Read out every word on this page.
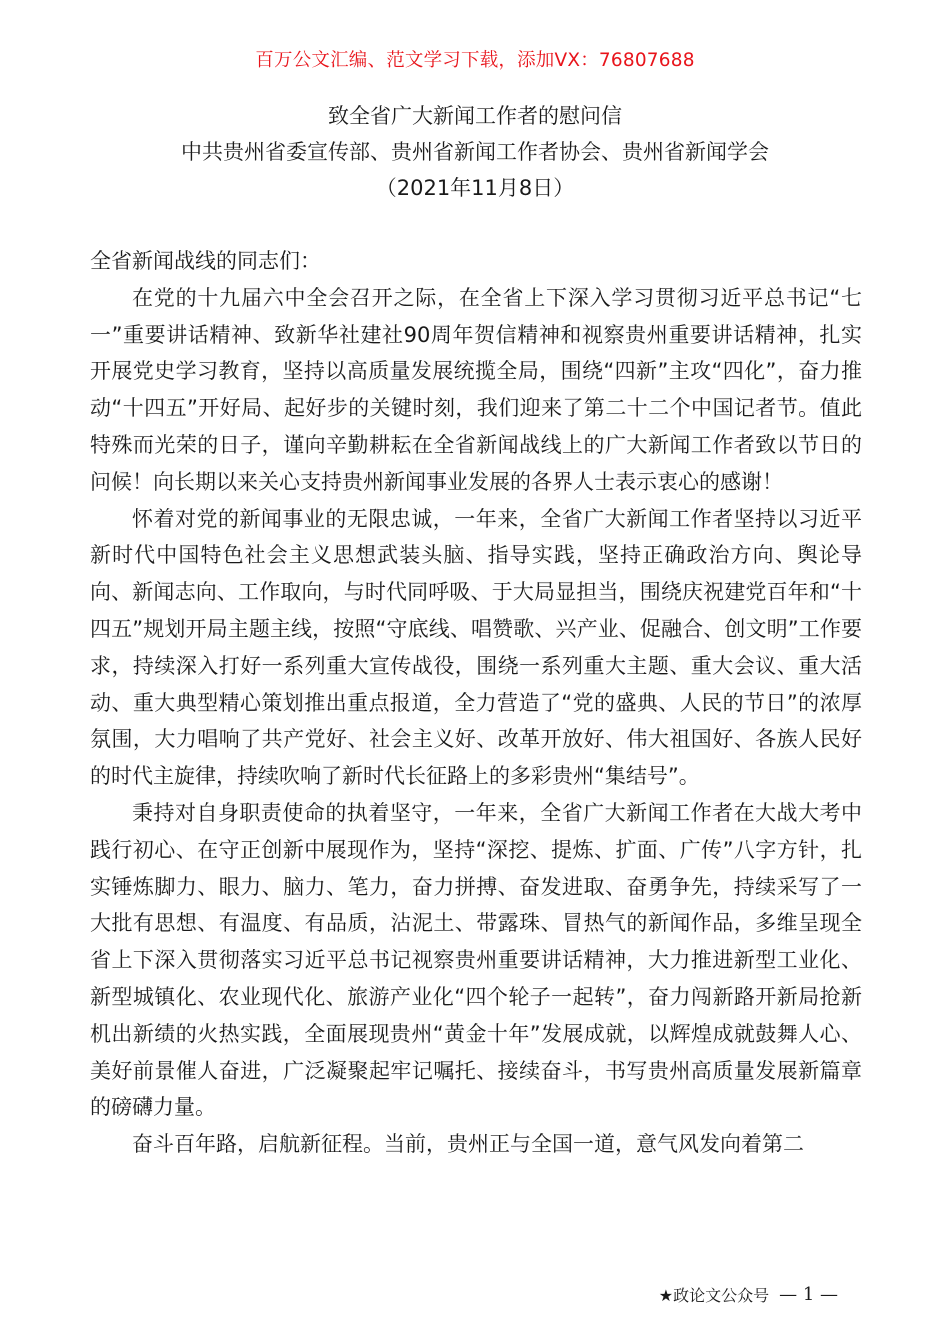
百万公文汇编、范文学习下载，添加VX：76807688
致全省广大新闻工作者的慰问信
中共贵州省委宣传部、贵州省新闻工作者协会、贵州省新闻学会
（2021年11月8日）

全省新闻战线的同志们：

在党的十九届六中全会召开之际，在全省上下深入学习贯彻习近平总书记“七一”重要讲话精神、致新华社建社90周年贺信精神和视察贵州重要讲话精神，扎实开展党史学习教育，坚持以高质量发展统揽全局，围绕“四新”主攻“四化”，奋力推动“十四五”开好局、起好步的关键时刻，我们迎来了第二十二个中国记者节。值此特殊而光荣的日子，谨向辛勤耕耘在全省新闻战线上的广大新闻工作者致以节日的问候！向长期以来关心支持贵州新闻事业发展的各界人士表示衷心的感谢！

怀着对党的新闻事业的无限忠诚，一年来，全省广大新闻工作者坚持以习近平新时代中国特色社会主义思想武装头脑、指导实践，坚持正确政治方向、舆论导向、新闻志向、工作取向，与时代同呼吸、于大局显担当，围绕庆祝建党百年和“十四五”规划开局主题主线，按照“守底线、唱赞歌、兴产业、促融合、创文明”工作要求，持续深入打好一系列重大宣传战役，围绕一系列重大主题、重大会议、重大活动、重大典型精心策划推出重点报道，全力营造了“党的盛典、人民的节日”的浓厚氛围，大力唱响了共产党好、社会主义好、改革开放好、伟大祖国好、各族人民好的时代主旋律，持续吹响了新时代长征路上的多彩贵州“集结号”。

秉持对自身职责使命的执着坚守，一年来，全省广大新闻工作者在大战大考中践行初心、在守正创新中展现作为，坚持“深挖、提炼、扩面、广传”八字方针，扎实锤炼脚力、眼力、脑力、笔力，奋力拼搏、奋发进取、奋勇争先，持续采写了一大批有思想、有温度、有品质，沾泥土、带露珠、冒热气的新闻作品，多维呈现全省上下深入贯彻落实习近平总书记视察贵州重要讲话精神，大力推进新型工业化、新型城镇化、农业现代化、旅游产业化“四个轮子一起转”，奋力闯新路开新局抢新机出新绩的火热实践，全面展现贵州“黄金十年”发展成就，以辉煌成就鼓舞人心、美好前景催人奋进，广泛凝聚起牢记嘱托、接续奋斗，书写贵州高质量发展新篇章的磅礴力量。

奋斗百年路，启航新征程。当前，贵州正与全国一道，意气风发向着第二

★政论文公众号 — 1 —
